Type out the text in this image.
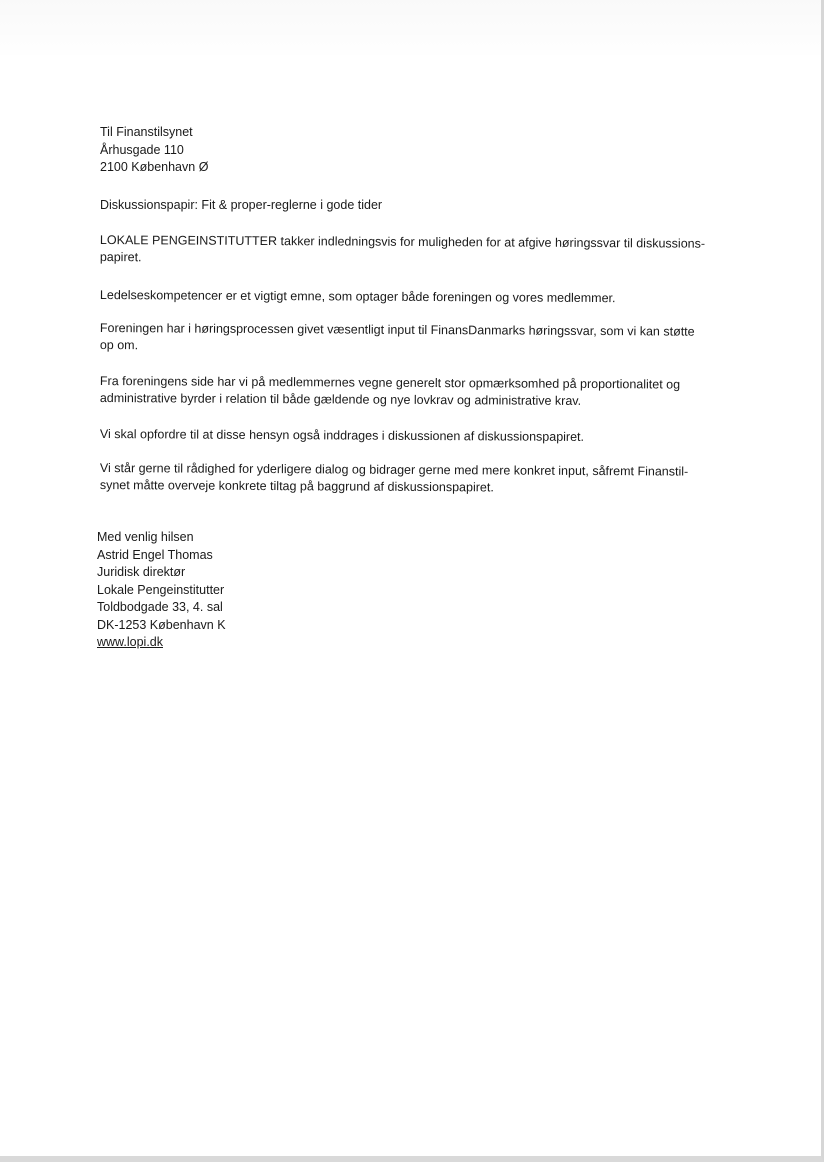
Til Finanstilsynet
Århusgade 110
2100 København Ø
Diskussionspapir: Fit & proper-reglerne i gode tider
LOKALE PENGEINSTITUTTER takker indledningsvis for muligheden for at afgive høringssvar til diskussions-
papiret.
Ledelseskompetencer er et vigtigt emne, som optager både foreningen og vores medlemmer.
Foreningen har i høringsprocessen givet væsentligt input til FinansDanmarks høringssvar, som vi kan støtte
op om.
Fra foreningens side har vi på medlemmernes vegne generelt stor opmærksomhed på proportionalitet og
administrative byrder i relation til både gældende og nye lovkrav og administrative krav.
Vi skal opfordre til at disse hensyn også inddrages i diskussionen af diskussionspapiret.
Vi står gerne til rådighed for yderligere dialog og bidrager gerne med mere konkret input, såfremt Finanstil-
synet måtte overveje konkrete tiltag på baggrund af diskussionspapiret.
Med venlig hilsen
Astrid Engel Thomas
Juridisk direktør
Lokale Pengeinstitutter
Toldbodgade 33, 4. sal
DK-1253 København K
www.lopi.dk
